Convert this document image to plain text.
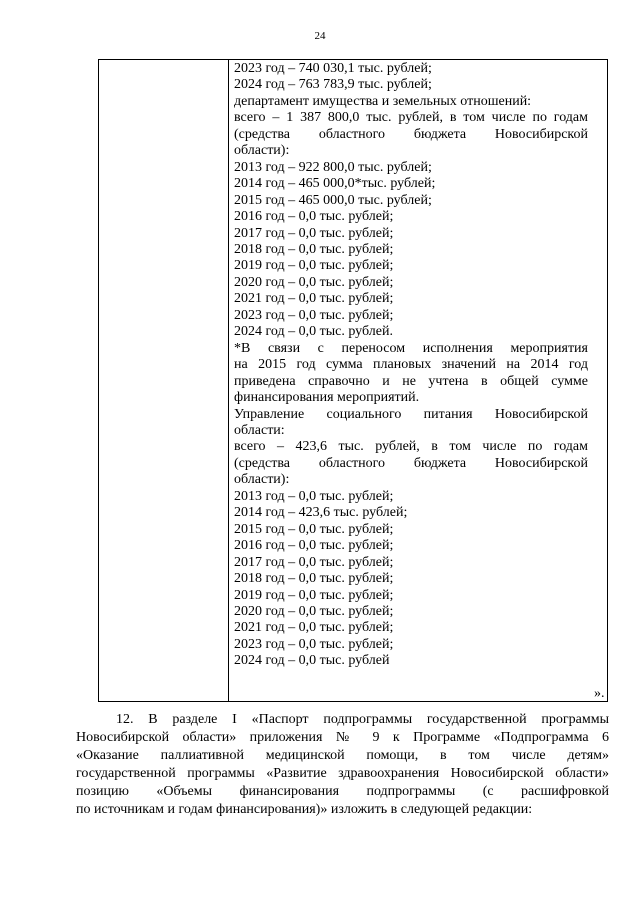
24
2023 год – 740 030,1 тыс. рублей;
2024 год – 763 783,9 тыс. рублей;
департамент имущества и земельных отношений:
всего – 1 387 800,0 тыс. рублей, в том числе по годам
(средства областного бюджета Новосибирской
области):
2013 год – 922 800,0 тыс. рублей;
2014 год – 465 000,0*тыс. рублей;
2015 год – 465 000,0 тыс. рублей;
2016 год – 0,0 тыс. рублей;
2017 год – 0,0 тыс. рублей;
2018 год – 0,0 тыс. рублей;
2019 год – 0,0 тыс. рублей;
2020 год – 0,0 тыс. рублей;
2021 год – 0,0 тыс. рублей;
2023 год – 0,0 тыс. рублей;
2024 год – 0,0 тыс. рублей.
*В связи с переносом исполнения мероприятия
на 2015 год сумма плановых значений на 2014 год
приведена справочно и не учтена в общей сумме
финансирования мероприятий.
Управление социального питания Новосибирской
области:
всего – 423,6 тыс. рублей, в том числе по годам
(средства областного бюджета Новосибирской
области):
2013 год – 0,0 тыс. рублей;
2014 год – 423,6 тыс. рублей;
2015 год – 0,0 тыс. рублей;
2016 год – 0,0 тыс. рублей;
2017 год – 0,0 тыс. рублей;
2018 год – 0,0 тыс. рублей;
2019 год – 0,0 тыс. рублей;
2020 год – 0,0 тыс. рублей;
2021 год – 0,0 тыс. рублей;
2023 год – 0,0 тыс. рублей;
2024 год – 0,0 тыс. рублей
».
12. В разделе I «Паспорт подпрограммы государственной программы
Новосибирской области» приложения № 9 к Программе «Подпрограмма 6
«Оказание паллиативной медицинской помощи, в том числе детям»
государственной программы «Развитие здравоохранения Новосибирской области»
позицию «Объемы финансирования подпрограммы (с расшифровкой
по источникам и годам финансирования)» изложить в следующей редакции:
